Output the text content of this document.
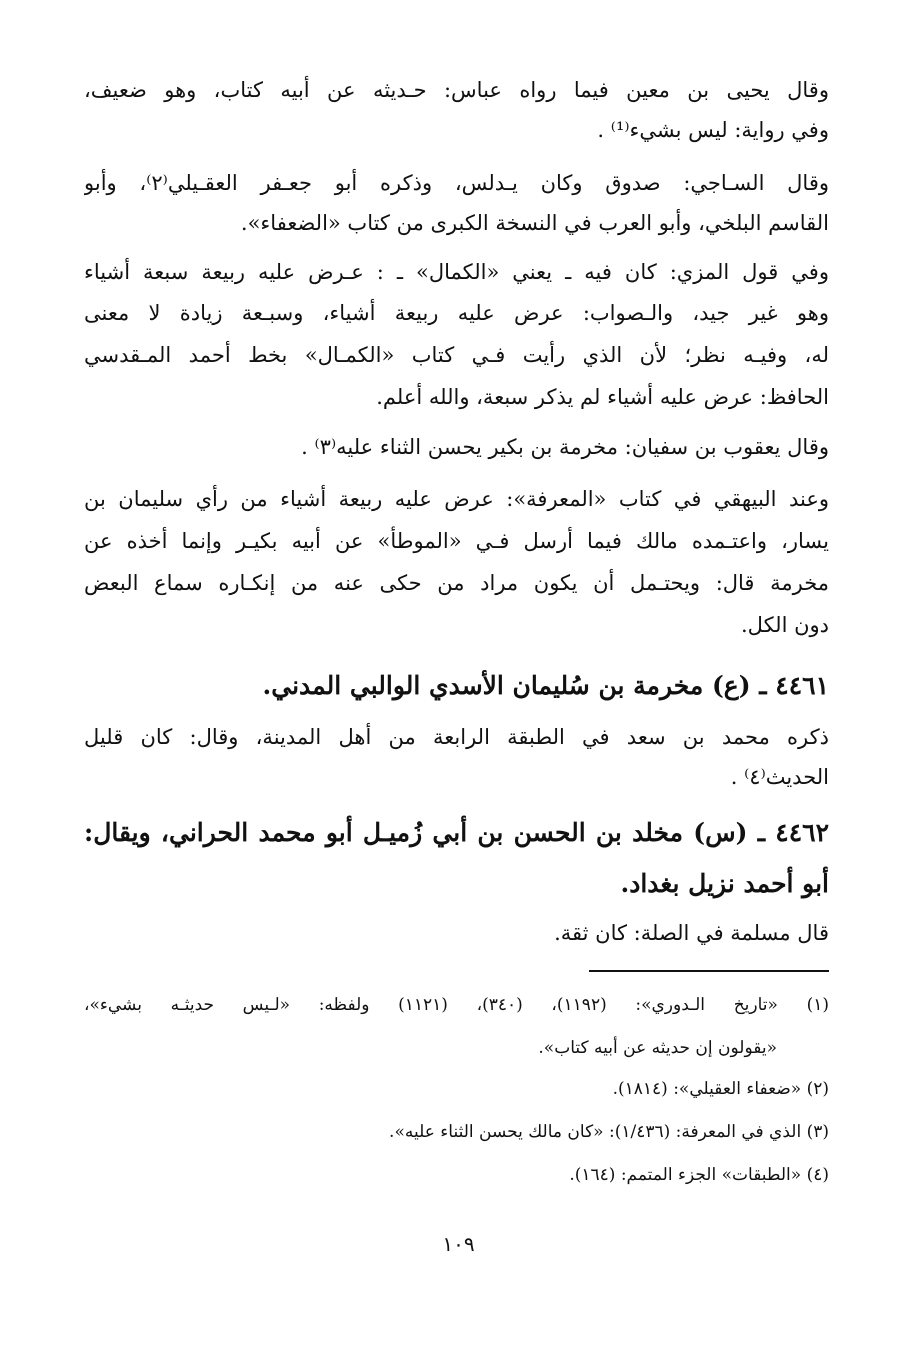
وقال يحيى بن معين فيما رواه عباس: حـديثه عن أبيه كتاب، وهو ضعيف،
وفي رواية: ليس بشيء⁽¹⁾ .
وقال السـاجي: صدوق وكان يـدلس، وذكره أبو جعـفر العقـيلي⁽٢⁾، وأبو
القاسم البلخي، وأبو العرب في النسخة الكبرى من كتاب «الضعفاء».
وفي قول المزي: كان فيه ـ يعني «الكمال» ـ : عـرض عليه ربيعة سبعة أشياء
وهو غير جيد، والـصواب: عرض عليه ربيعة أشياء، وسبـعة زيادة لا معنى
له، وفيـه نظر؛ لأن الذي رأيت فـي كتاب «الكمـال» بخط أحمد المـقدسي
الحافظ: عرض عليه أشياء لم يذكر سبعة، والله أعلم.
وقال يعقوب بن سفيان: مخرمة بن بكير يحسن الثناء عليه⁽٣⁾ .
وعند البيهقي في كتاب «المعرفة»: عرض عليه ربيعة أشياء من رأي سليمان بن
يسار، واعتـمده مالك فيما أرسل فـي «الموطأ» عن أبيه بكيـر وإنما أخذه عن
مخرمة قال: ويحتـمل أن يكون مراد من حكى عنه من إنكـاره سماع البعض
دون الكل.
٤٤٦١ ـ (ع) مخرمة بن سُليمان الأسدي الوالبي المدني.
ذكره محمد بن سعد في الطبقة الرابعة من أهل المدينة، وقال: كان قليل
الحديث⁽٤⁾ .
٤٤٦٢ ـ (س) مخلد بن الحسن بن أبي زُميـل أبو محمد الحراني، ويقال:
أبو أحمد نزيل بغداد.
قال مسلمة في الصلة: كان ثقة.
(١) «تاريخ الـدوري»: (١١٩٢)، (٣٤٠)، (١١٢١) ولفظه: «لـيس حديثـه بشيء»،
«يقولون إن حديثه عن أبيه كتاب».
(٢) «ضعفاء العقيلي»: (١٨١٤).
(٣) الذي في المعرفة: (١/٤٣٦): «كان مالك يحسن الثناء عليه».
(٤) «الطبقات» الجزء المتمم: (١٦٤).
١٠٩
